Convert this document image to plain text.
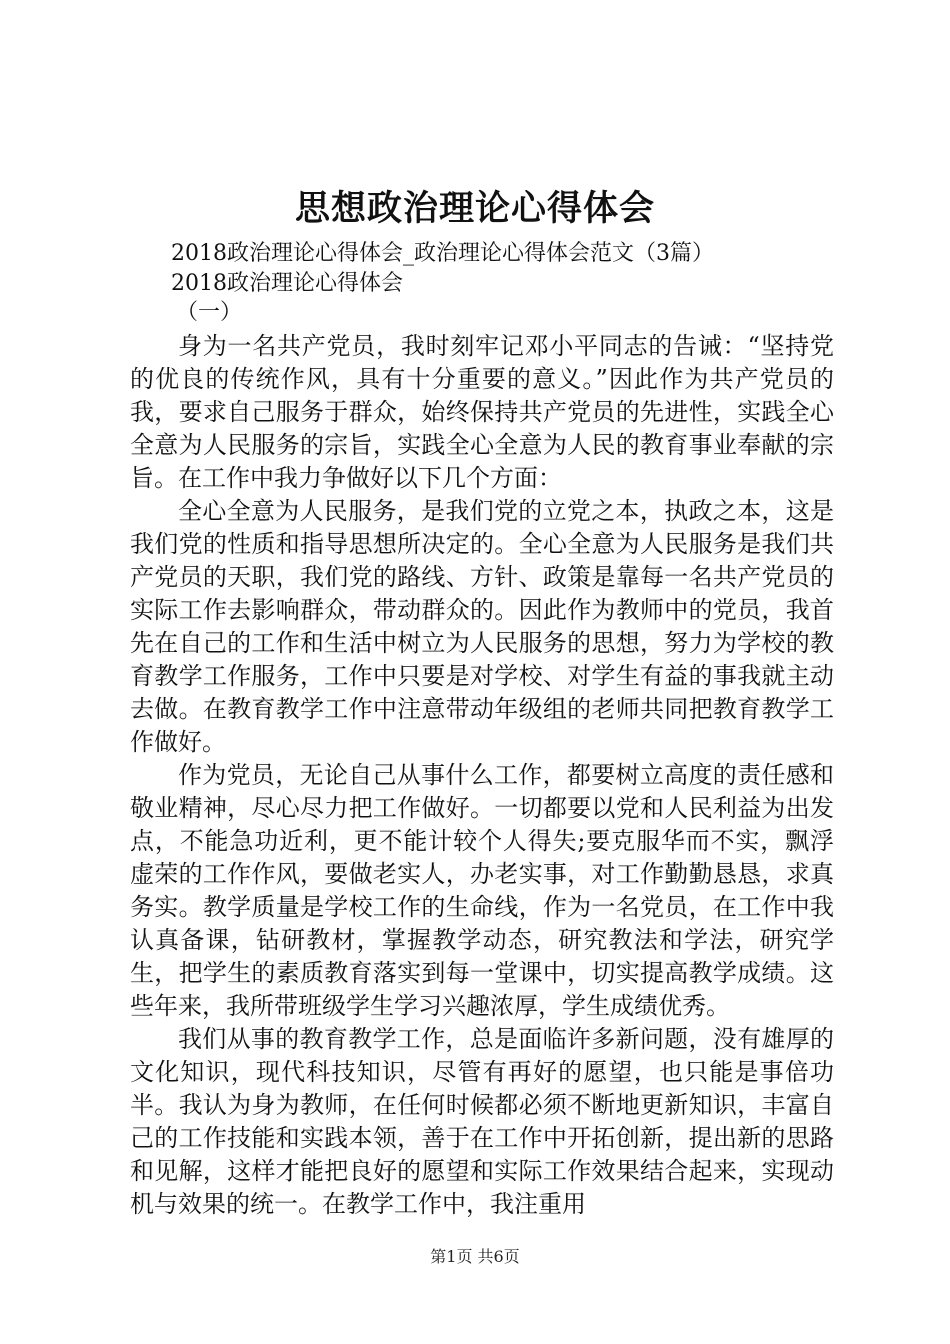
思想政治理论心得体会
2018政治理论心得体会_政治理论心得体会范文（3篇）
2018政治理论心得体会
（一）

身为一名共产党员，我时刻牢记邓小平同志的告诫：“坚持党的优良的传统作风，具有十分重要的意义。”因此作为共产党员的我，要求自己服务于群众，始终保持共产党员的先进性，实践全心全意为人民服务的宗旨，实践全心全意为人民的教育事业奉献的宗旨。在工作中我力争做好以下几个方面：

全心全意为人民服务，是我们党的立党之本，执政之本，这是我们党的性质和指导思想所决定的。全心全意为人民服务是我们共产党员的天职，我们党的路线、方针、政策是靠每一名共产党员的实际工作去影响群众，带动群众的。因此作为教师中的党员，我首先在自己的工作和生活中树立为人民服务的思想，努力为学校的教育教学工作服务，工作中只要是对学校、对学生有益的事我就主动去做。在教育教学工作中注意带动年级组的老师共同把教育教学工作做好。

作为党员，无论自己从事什么工作，都要树立高度的责任感和敬业精神，尽心尽力把工作做好。一切都要以党和人民利益为出发点，不能急功近利，更不能计较个人得失;要克服华而不实，飘浮虚荣的工作作风，要做老实人，办老实事，对工作勤勤恳恳，求真务实。教学质量是学校工作的生命线，作为一名党员，在工作中我认真备课，钻研教材，掌握教学动态，研究教法和学法，研究学生，把学生的素质教育落实到每一堂课中，切实提高教学成绩。这些年来，我所带班级学生学习兴趣浓厚，学生成绩优秀。

我们从事的教育教学工作，总是面临许多新问题，没有雄厚的文化知识，现代科技知识，尽管有再好的愿望，也只能是事倍功半。我认为身为教师，在任何时候都必须不断地更新知识，丰富自己的工作技能和实践本领，善于在工作中开拓创新，提出新的思路和见解，这样才能把良好的愿望和实际工作效果结合起来，实现动机与效果的统一。在教学工作中，我注重用

第1页 共6页
